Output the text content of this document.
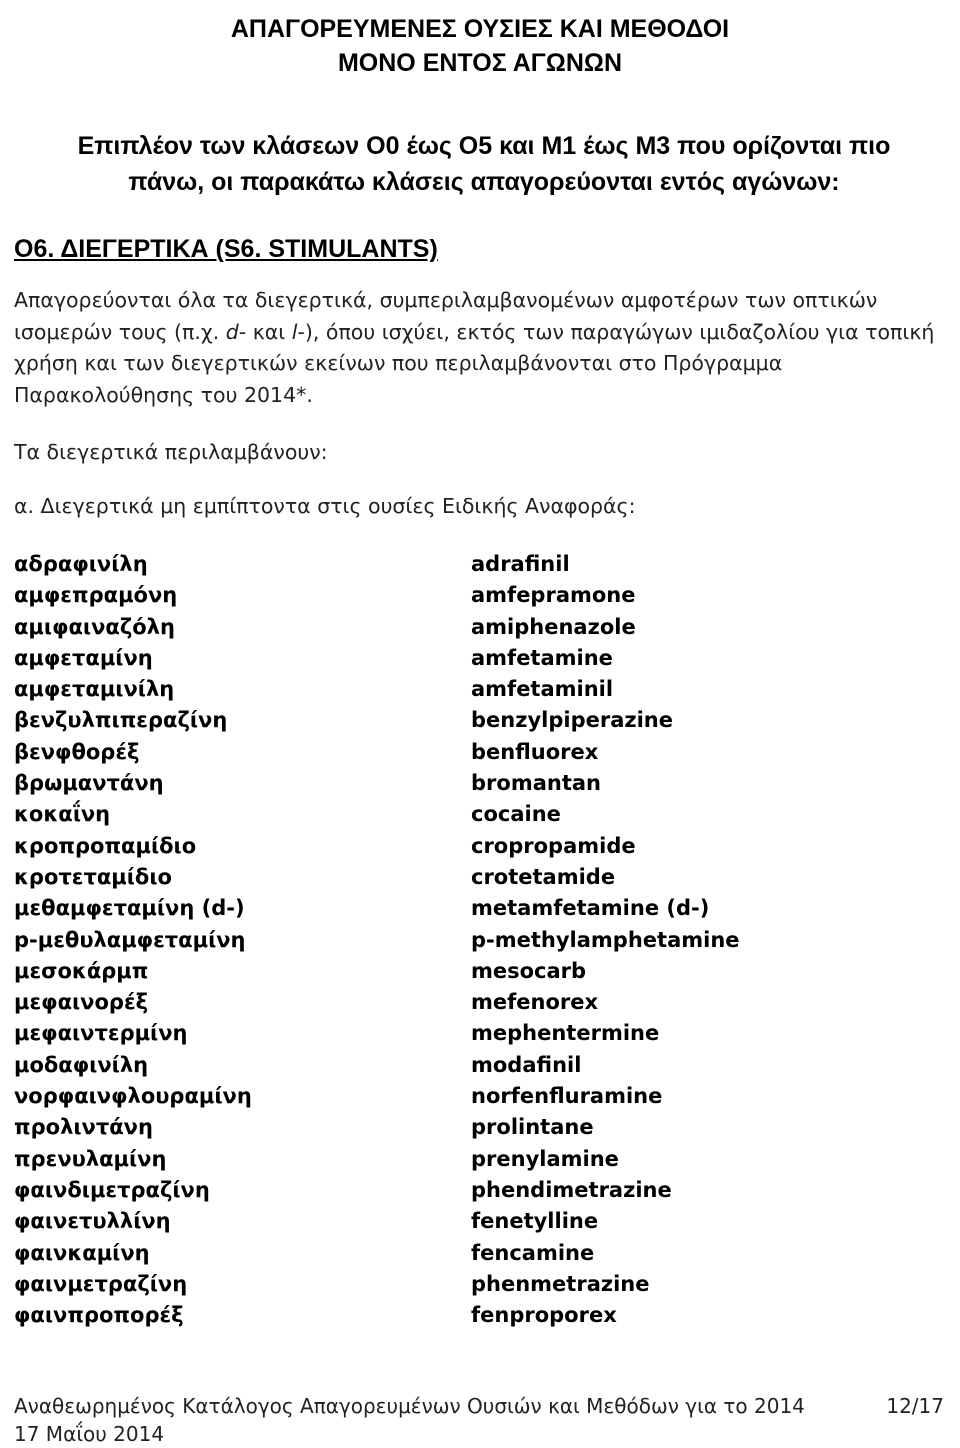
ΑΠΑΓΟΡΕΥΜΕΝΕΣ ΟΥΣΙΕΣ ΚΑΙ ΜΕΘΟΔΟΙ
ΜΟΝΟ ΕΝΤΟΣ ΑΓΩΝΩΝ
Επιπλέον των κλάσεων Ο0 έως Ο5 και Μ1 έως Μ3 που ορίζονται πιο
πάνω, οι παρακάτω κλάσεις απαγορεύονται εντός αγώνων:
Ο6. ΔΙΕΓΕΡΤΙΚΑ (S6. STIMULANTS)
Απαγορεύονται όλα τα διεγερτικά, συμπεριλαμβανομένων αμφοτέρων των οπτικών ισομερών τους (π.χ. d- και l-), όπου ισχύει, εκτός των παραγώγων ιμιδαζολίου για τοπική χρήση και των διεγερτικών εκείνων που περιλαμβάνονται στο Πρόγραμμα Παρακολούθησης του 2014*.
Τα διεγερτικά περιλαμβάνουν:
α. Διεγερτικά μη εμπίπτοντα στις ουσίες Ειδικής Αναφοράς:
αδραφινίλη
αμφεπραμόνη
αμιφαιναζόλη
αμφεταμίνη
αμφεταμινίλη
βενζυλπιπεραζίνη
βενφθορέξ
βρωμαντάνη
κοκαΐνη
κροπροπαμίδιο
κροτεταμίδιο
μεθαμφεταμίνη (d-)
p-μεθυλαμφεταμίνη
μεσοκάρμπ
μεφαινορέξ
μεφαιντερμίνη
μοδαφινίλη
νορφαινφλουραμίνη
προλιντάνη
πρενυλαμίνη
φαινδιμετραζίνη
φαινετυλλίνη
φαινκαμίνη
φαινμετραζίνη
φαινπροπορέξ
adrafinil
amfepramone
amiphenazole
amfetamine
amfetaminil
benzylpiperazine
benfluorex
bromantan
cocaine
cropropamide
crotetamide
metamfetamine (d-)
p-methylamphetamine
mesocarb
mefenorex
mephentermine
modafinil
norfenfluramine
prolintane
prenylamine
phendimetrazine
fenetylline
fencamine
phenmetrazine
fenproporex
Αναθεωρημένος Κατάλογος Απαγορευμένων Ουσιών και Μεθόδων για το 2014	12/17
17 Μαΐου 2014
